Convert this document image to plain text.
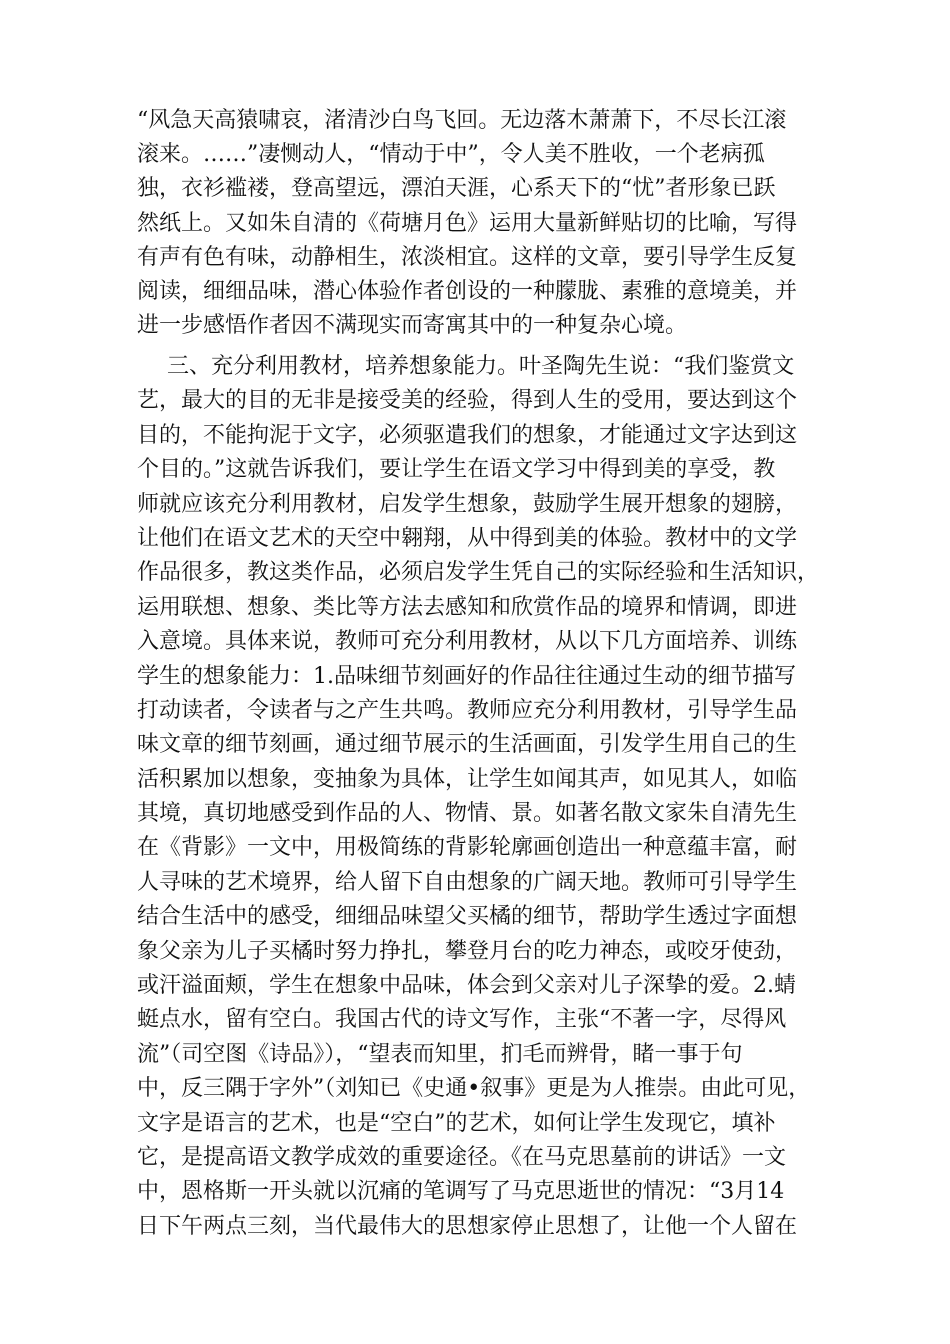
“风急天高猿啸哀，渚清沙白鸟飞回。无边落木萧萧下，不尽长江滚
滚来。……”凄恻动人，“情动于中”，令人美不胜收，一个老病孤
独，衣衫褴褛，登高望远，漂泊天涯，心系天下的“忧”者形象已跃
然纸上。又如朱自清的《荷塘月色》运用大量新鲜贴切的比喻，写得
有声有色有味，动静相生，浓淡相宜。这样的文章，要引导学生反复
阅读，细细品味，潜心体验作者创设的一种朦胧、素雅的意境美，并
进一步感悟作者因不满现实而寄寓其中的一种复杂心境。
三、充分利用教材，培养想象能力。叶圣陶先生说：“我们鉴赏文
艺，最大的目的无非是接受美的经验，得到人生的受用，要达到这个
目的，不能拘泥于文字，必须驱遣我们的想象，才能通过文字达到这
个目的。”这就告诉我们，要让学生在语文学习中得到美的享受，教
师就应该充分利用教材，启发学生想象，鼓励学生展开想象的翅膀，
让他们在语文艺术的天空中翱翔，从中得到美的体验。教材中的文学
作品很多，教这类作品，必须启发学生凭自己的实际经验和生活知识，
运用联想、想象、类比等方法去感知和欣赏作品的境界和情调，即进
入意境。具体来说，教师可充分利用教材，从以下几方面培养、训练
学生的想象能力：1.品味细节刻画好的作品往往通过生动的细节描写
打动读者，令读者与之产生共鸣。教师应充分利用教材，引导学生品
味文章的细节刻画，通过细节展示的生活画面，引发学生用自己的生
活积累加以想象，变抽象为具体，让学生如闻其声，如见其人，如临
其境，真切地感受到作品的人、物情、景。如著名散文家朱自清先生
在《背影》一文中，用极简练的背影轮廓画创造出一种意蕴丰富，耐
人寻味的艺术境界，给人留下自由想象的广阔天地。教师可引导学生
结合生活中的感受，细细品味望父买橘的细节，帮助学生透过字面想
象父亲为儿子买橘时努力挣扎，攀登月台的吃力神态，或咬牙使劲，
或汗溢面颊，学生在想象中品味，体会到父亲对儿子深挚的爱。2.蜻
蜓点水，留有空白。我国古代的诗文写作，主张“不著一字，尽得风
流”（司空图《诗品》），“望表而知里，扪毛而辨骨，睹一事于句
中，反三隅于字外”（刘知已《史通•叙事》更是为人推崇。由此可见，
文字是语言的艺术，也是“空白”的艺术，如何让学生发现它，填补
它，是提高语文教学成效的重要途径。《在马克思墓前的讲话》一文
中，恩格斯一开头就以沉痛的笔调写了马克思逝世的情况：“3月14
日下午两点三刻，当代最伟大的思想家停止思想了，让他一个人留在
